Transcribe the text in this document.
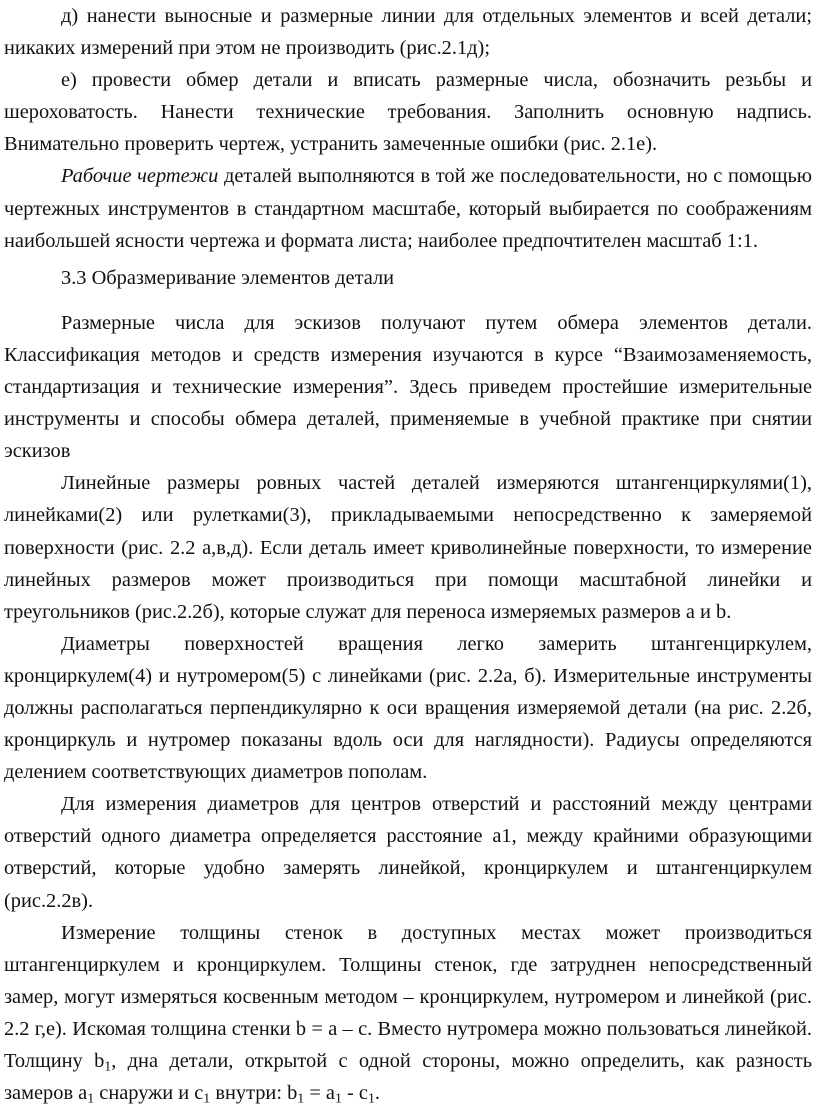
д) нанести выносные и размерные линии для отдельных элементов и всей детали; никаких измерений при этом не производить (рис.2.1д);

е) провести обмер детали и вписать размерные числа, обозначить резьбы и шероховатость. Нанести технические требования. Заполнить основную надпись. Внимательно проверить чертеж, устранить замеченные ошибки (рис. 2.1е).

Рабочие чертежи деталей выполняются в той же последовательности, но с помощью чертежных инструментов в стандартном масштабе, который выбирается по соображениям наибольшей ясности чертежа и формата листа; наиболее предпочтителен масштаб 1:1.

3.3 Образмеривание элементов детали

Размерные числа для эскизов получают путем обмера элементов детали. Классификация методов и средств измерения изучаются в курсе “Взаимозаменяемость, стандартизация и технические измерения”. Здесь приведем простейшие измерительные инструменты и способы обмера деталей, применяемые в учебной практике при снятии эскизов

Линейные размеры ровных частей деталей измеряются штангенциркулями(1), линейками(2) или рулетками(3), прикладываемыми непосредственно к замеряемой поверхности (рис. 2.2 а,в,д). Если деталь имеет криволинейные поверхности, то измерение линейных размеров может производиться при помощи масштабной линейки и треугольников (рис.2.2б), которые служат для переноса измеряемых размеров a и b.

Диаметры поверхностей вращения легко замерить штангенциркулем, кронциркулем(4) и нутромером(5) с линейками (рис. 2.2а, б). Измерительные инструменты должны располагаться перпендикулярно к оси вращения измеряемой детали (на рис. 2.2б, кронциркуль и нутромер показаны вдоль оси для наглядности). Радиусы определяются делением соответствующих диаметров пополам.

Для измерения диаметров для центров отверстий и расстояний между центрами отверстий одного диаметра определяется расстояние a1, между крайними образующими отверстий, которые удобно замерять линейкой, кронциркулем и штангенциркулем (рис.2.2в).

Измерение толщины стенок в доступных местах может производиться штангенциркулем и кронциркулем. Толщины стенок, где затруднен непосредственный замер, могут измеряться косвенным методом – кронциркулем, нутромером и линейкой (рис. 2.2 г,е). Искомая толщина стенки b = а – с. Вместо нутромера можно пользоваться линейкой. Толщину $b_1$, дна детали, открытой с одной стороны, можно определить, как разность замеров $a_1$ снаружи и $с_1$ внутри: $b_1 = a_1 - c_1$.
